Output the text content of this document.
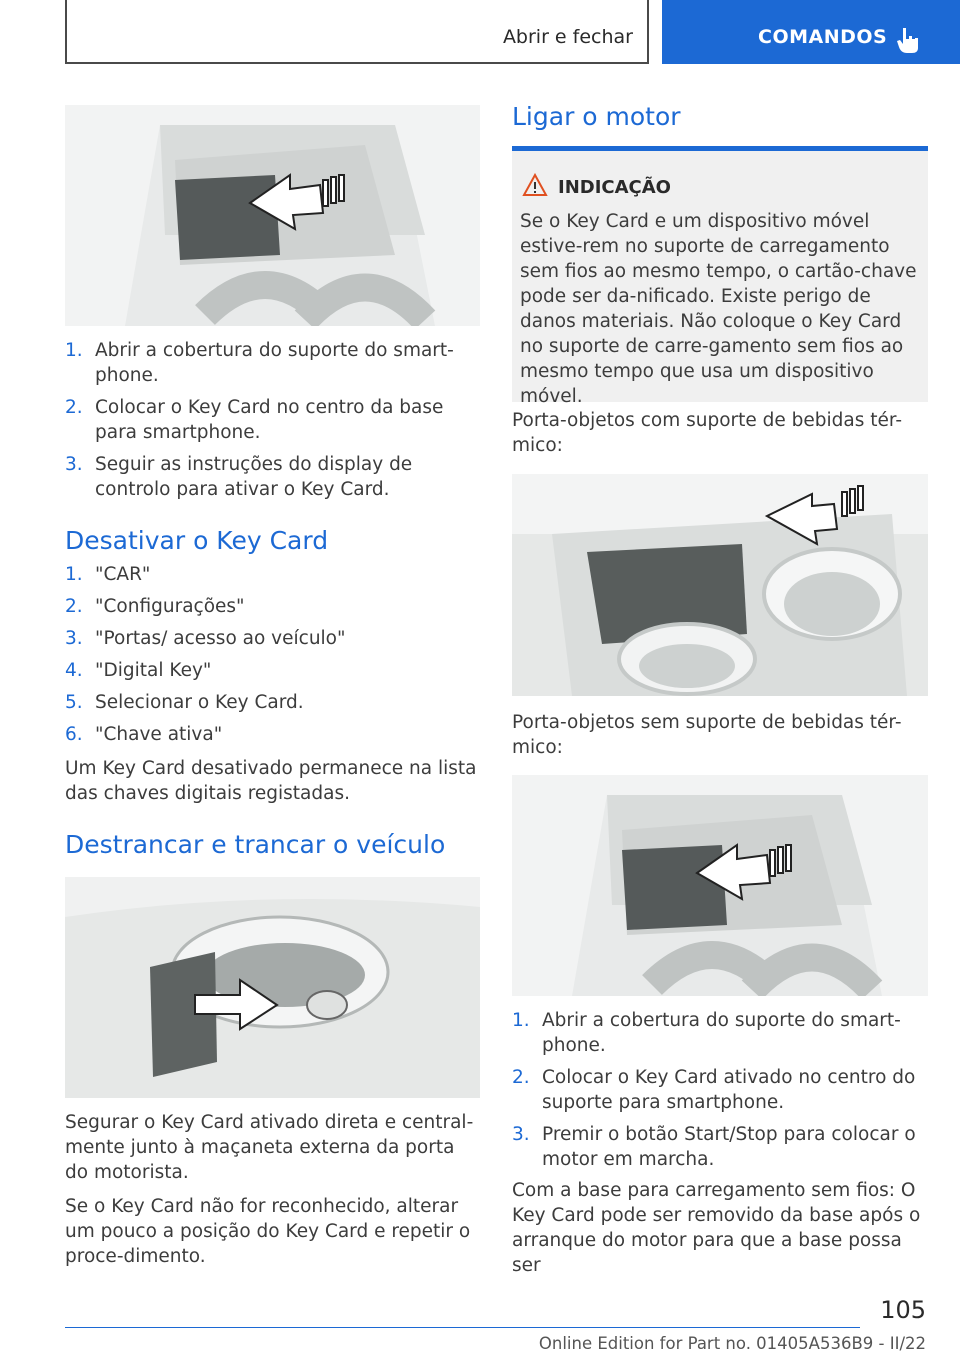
Abrir e fechar	COMANDOS
1. Abrir a cobertura do suporte do smart-phone.
2. Colocar o Key Card no centro da base para smartphone.
3. Seguir as instruções do display de controlo para ativar o Key Card.
Desativar o Key Card
1. "CAR"
2. "Configurações"
3. "Portas/ acesso ao veículo"
4. "Digital Key"
5. Selecionar o Key Card.
6. "Chave ativa"

Um Key Card desativado permanece na lista das chaves digitais registadas.

Destrancar e trancar o veículo

Segurar o Key Card ativado direta e central-mente junto à maçaneta externa da porta do motorista.

Se o Key Card não for reconhecido, alterar um pouco a posição do Key Card e repetir o proce-dimento.

Ligar o motor
INDICAÇÃO

Se o Key Card e um dispositivo móvel estive-rem no suporte de carregamento sem fios ao mesmo tempo, o cartão-chave pode ser da-nificado. Existe perigo de danos materiais. Não coloque o Key Card no suporte de carre-gamento sem fios ao mesmo tempo que usa um dispositivo móvel.

Porta-objetos com suporte de bebidas tér-mico:

Porta-objetos sem suporte de bebidas tér-mico:

1. Abrir a cobertura do suporte do smart-phone.
2. Colocar o Key Card ativado no centro do suporte para smartphone.
3. Premir o botão Start/Stop para colocar o motor em marcha.

Com a base para carregamento sem fios: O Key Card pode ser removido da base após o arranque do motor para que a base possa ser

105
Online Edition for Part no. 01405A536B9 - II/22
